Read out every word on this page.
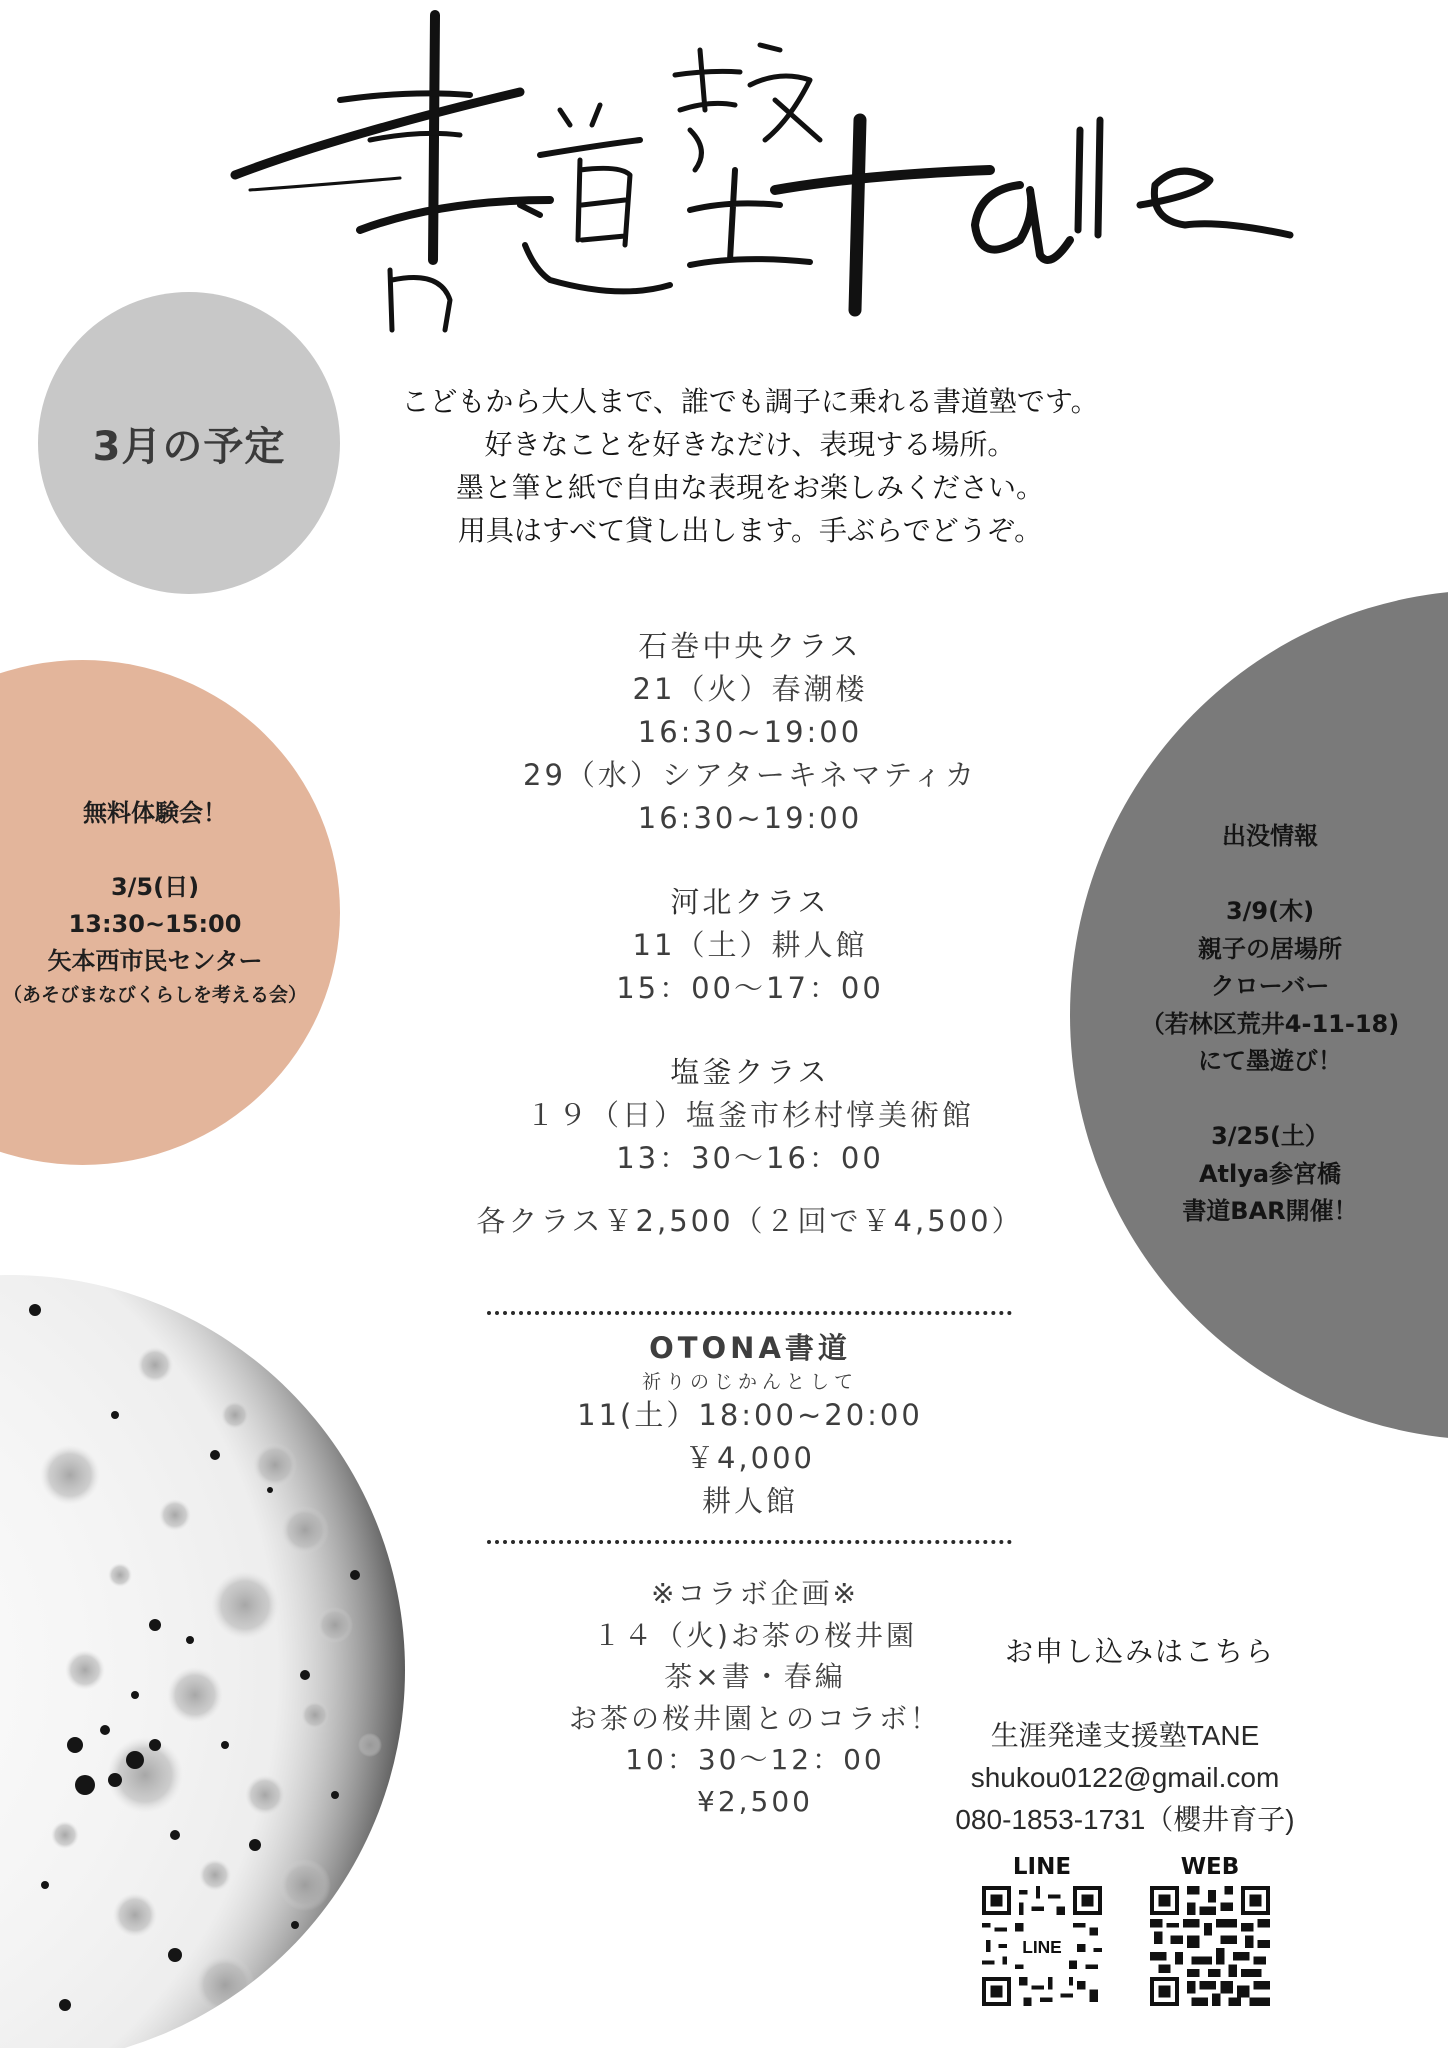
3月の予定
こどもから大人まで、誰でも調子に乗れる書道塾です。
好きなことを好きなだけ、表現する場所。
墨と筆と紙で自由な表現をお楽しみください。
用具はすべて貸し出します。手ぶらでどうぞ。
無料体験会！
3/5(日)
13:30~15:00
矢本西市民センター
（あそびまなびくらしを考える会）
出没情報
3/9(木)
親子の居場所
クローバー
（若林区荒井4-11-18)
にて墨遊び！
3/25(土）
Atlya参宮橋
書道BAR開催！
石巻中央クラス
21（火）春潮楼
16:30~19:00
29（水）シアターキネマティカ
16:30~19:00
河北クラス
11（土）耕人館
15：00〜17：00
塩釜クラス
１９（日）塩釜市杉村惇美術館
13：30〜16：00
各クラス￥2,500（２回で￥4,500）
OTONA書道
祈りのじかんとして
11(土）18:00~20:00
￥4,000
耕人館
※コラボ企画※
１４（火)お茶の桜井園
茶×書・春編
お茶の桜井園とのコラボ！
10：30〜12：00
¥2,500
お申し込みはこちら
生涯発達支援塾TANE
shukou0122@gmail.com
080-1853-1731（櫻井育子)
LINE	WEB
LINE
